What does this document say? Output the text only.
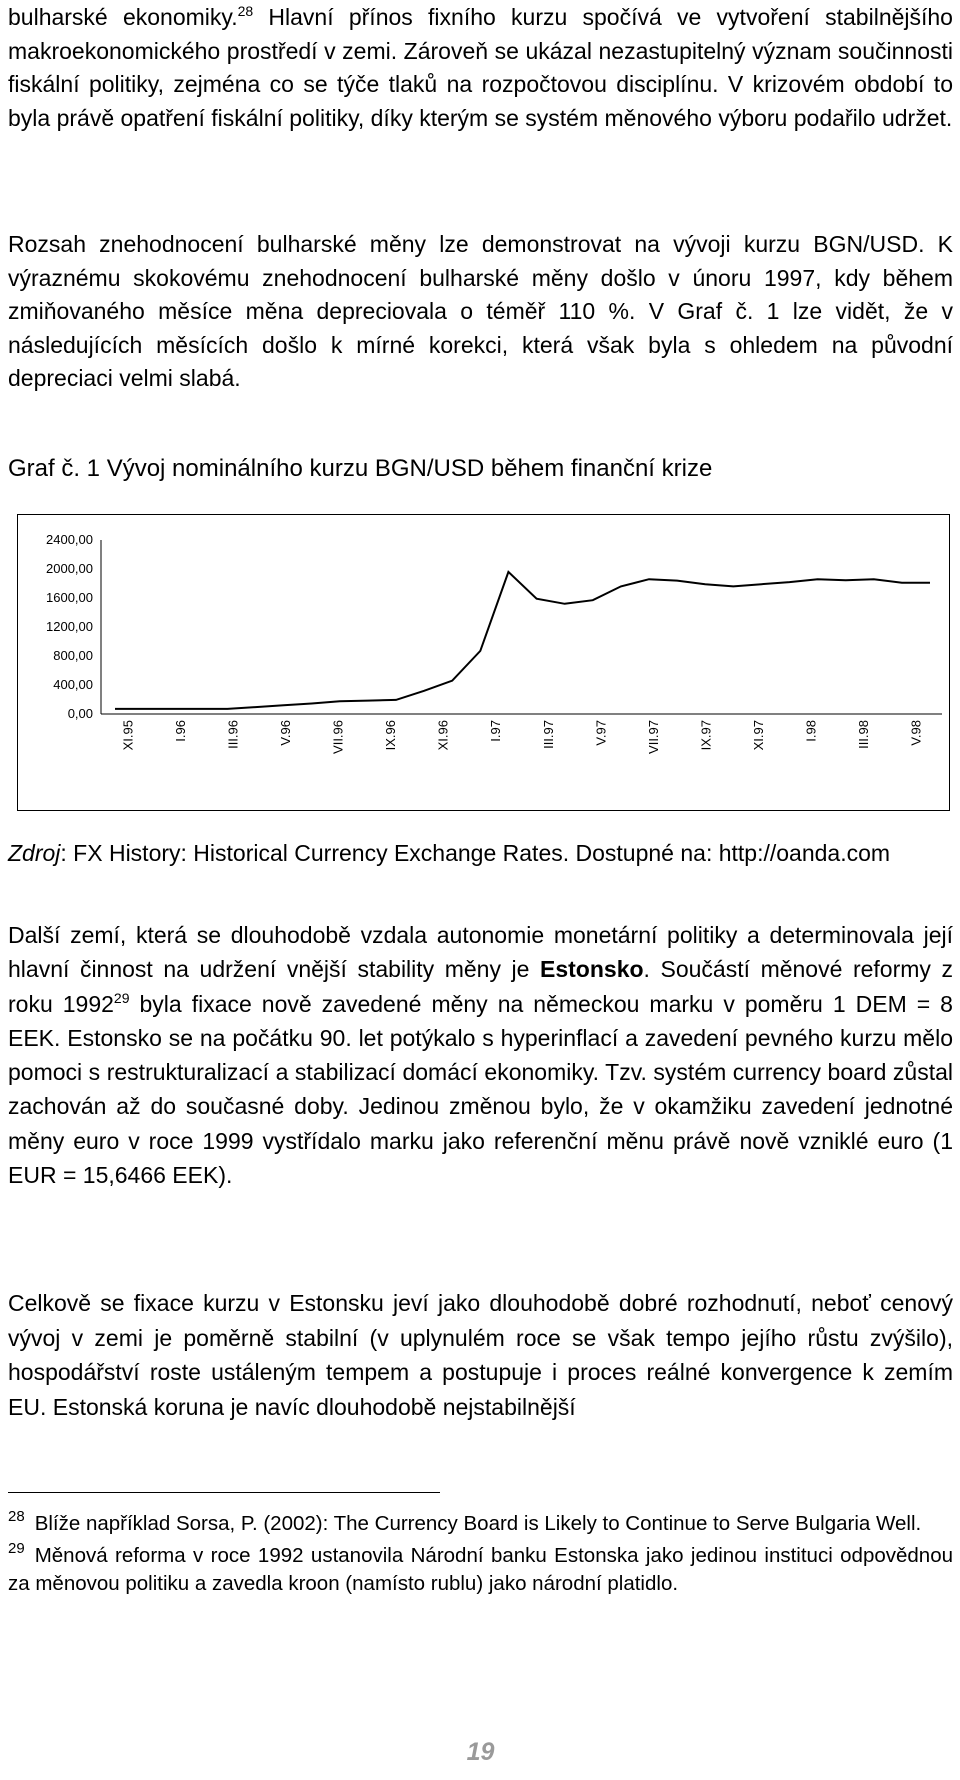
bulharské ekonomiky.$^{28}$ Hlavní přínos fixního kurzu spočívá ve vytvoření stabilnějšího makroekonomického prostředí v zemi. Zároveň se ukázal nezastupitelný význam součinnosti fiskální politiky, zejména co se týče tlaků na rozpočtovou disciplínu. V krizovém období to byla právě opatření fiskální politiky, díky kterým se systém měnového výboru podařilo udržet.

Rozsah znehodnocení bulharské měny lze demonstrovat na vývoji kurzu BGN/USD. K výraznému skokovému znehodnocení bulharské měny došlo v únoru 1997, kdy během zmiňovaného měsíce měna depreciovala o téměř 110 %. V Graf č. 1 lze vidět, že v následujících měsících došlo k mírné korekci, která však byla s ohledem na původní depreciaci velmi slabá.

Graf č. 1 Vývoj nominálního kurzu BGN/USD během finanční krize

2400,00
2000,00
1600,00
1200,00
800,00
400,00
0,00
XI.95	I.96	III.96	V.96	VII.96	IX.96	XI.96	I.97	III.97	V.97	VII.97	IX.97	XI.97	I.98	III.98	V.98

Zdroj: FX History: Historical Currency Exchange Rates. Dostupné na: http://oanda.com

Další zemí, která se dlouhodobě vzdala autonomie monetární politiky a determinovala její hlavní činnost na udržení vnější stability měny je Estonsko. Součástí měnové reformy z roku 1992$^{29}$ byla fixace nově zavedené měny na německou marku v poměru 1 DEM = 8 EEK. Estonsko se na počátku 90. let potýkalo s hyperinflací a zavedení pevného kurzu mělo pomoci s restrukturalizací a stabilizací domácí ekonomiky. Tzv. systém currency board zůstal zachován až do současné doby. Jedinou změnou bylo, že v okamžiku zavedení jednotné měny euro v roce 1999 vystřídalo marku jako referenční měnu právě nově vzniklé euro (1 EUR = 15,6466 EEK).

Celkově se fixace kurzu v Estonsku jeví jako dlouhodobě dobré rozhodnutí, neboť cenový vývoj v zemi je poměrně stabilní (v uplynulém roce se však tempo jejího růstu zvýšilo), hospodářství roste ustáleným tempem a postupuje i proces reálné konvergence k zemím EU. Estonská koruna je navíc dlouhodobě nejstabilnější

$^{28}$ Blíže například Sorsa, P. (2002): The Currency Board is Likely to Continue to Serve Bulgaria Well.

$^{29}$ Měnová reforma v roce 1992 ustanovila Národní banku Estonska jako jedinou instituci odpovědnou za měnovou politiku a zavedla kroon (namísto rublu) jako národní platidlo.

19
